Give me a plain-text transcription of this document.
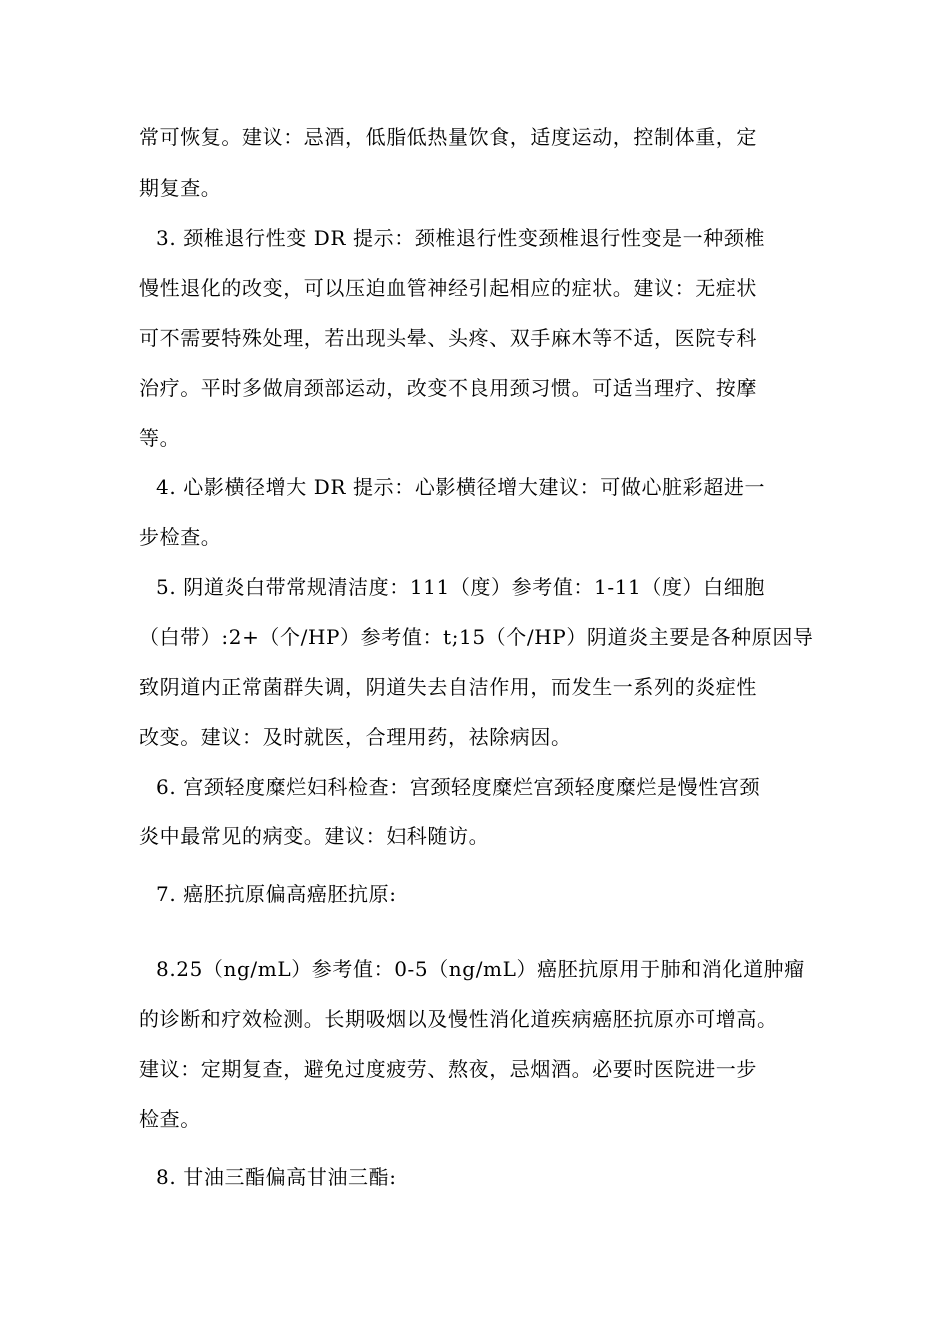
常可恢复。建议：忌酒，低脂低热量饮食，适度运动，控制体重，定
期复查。
3. 颈椎退行性变 DR 提示：颈椎退行性变颈椎退行性变是一种颈椎
慢性退化的改变，可以压迫血管神经引起相应的症状。建议：无症状
可不需要特殊处理，若出现头晕、头疼、双手麻木等不适，医院专科
治疗。平时多做肩颈部运动，改变不良用颈习惯。可适当理疗、按摩
等。
4. 心影横径增大 DR 提示：心影横径增大建议：可做心脏彩超进一
步检查。
5. 阴道炎白带常规清洁度：111（度）参考值：1-11（度）白细胞
（白带）:2+（个/HP）参考值：t;15（个/HP）阴道炎主要是各种原因导
致阴道内正常菌群失调，阴道失去自洁作用，而发生一系列的炎症性
改变。建议：及时就医，合理用药，祛除病因。
6. 宫颈轻度糜烂妇科检查：宫颈轻度糜烂宫颈轻度糜烂是慢性宫颈
炎中最常见的病变。建议：妇科随访。
7. 癌胚抗原偏高癌胚抗原:
8.25（ng/mL）参考值：0-5（ng/mL）癌胚抗原用于肺和消化道肿瘤
的诊断和疗效检测。长期吸烟以及慢性消化道疾病癌胚抗原亦可增高。
建议：定期复查，避免过度疲劳、熬夜，忌烟酒。必要时医院进一步
检查。
8. 甘油三酯偏高甘油三酯:
